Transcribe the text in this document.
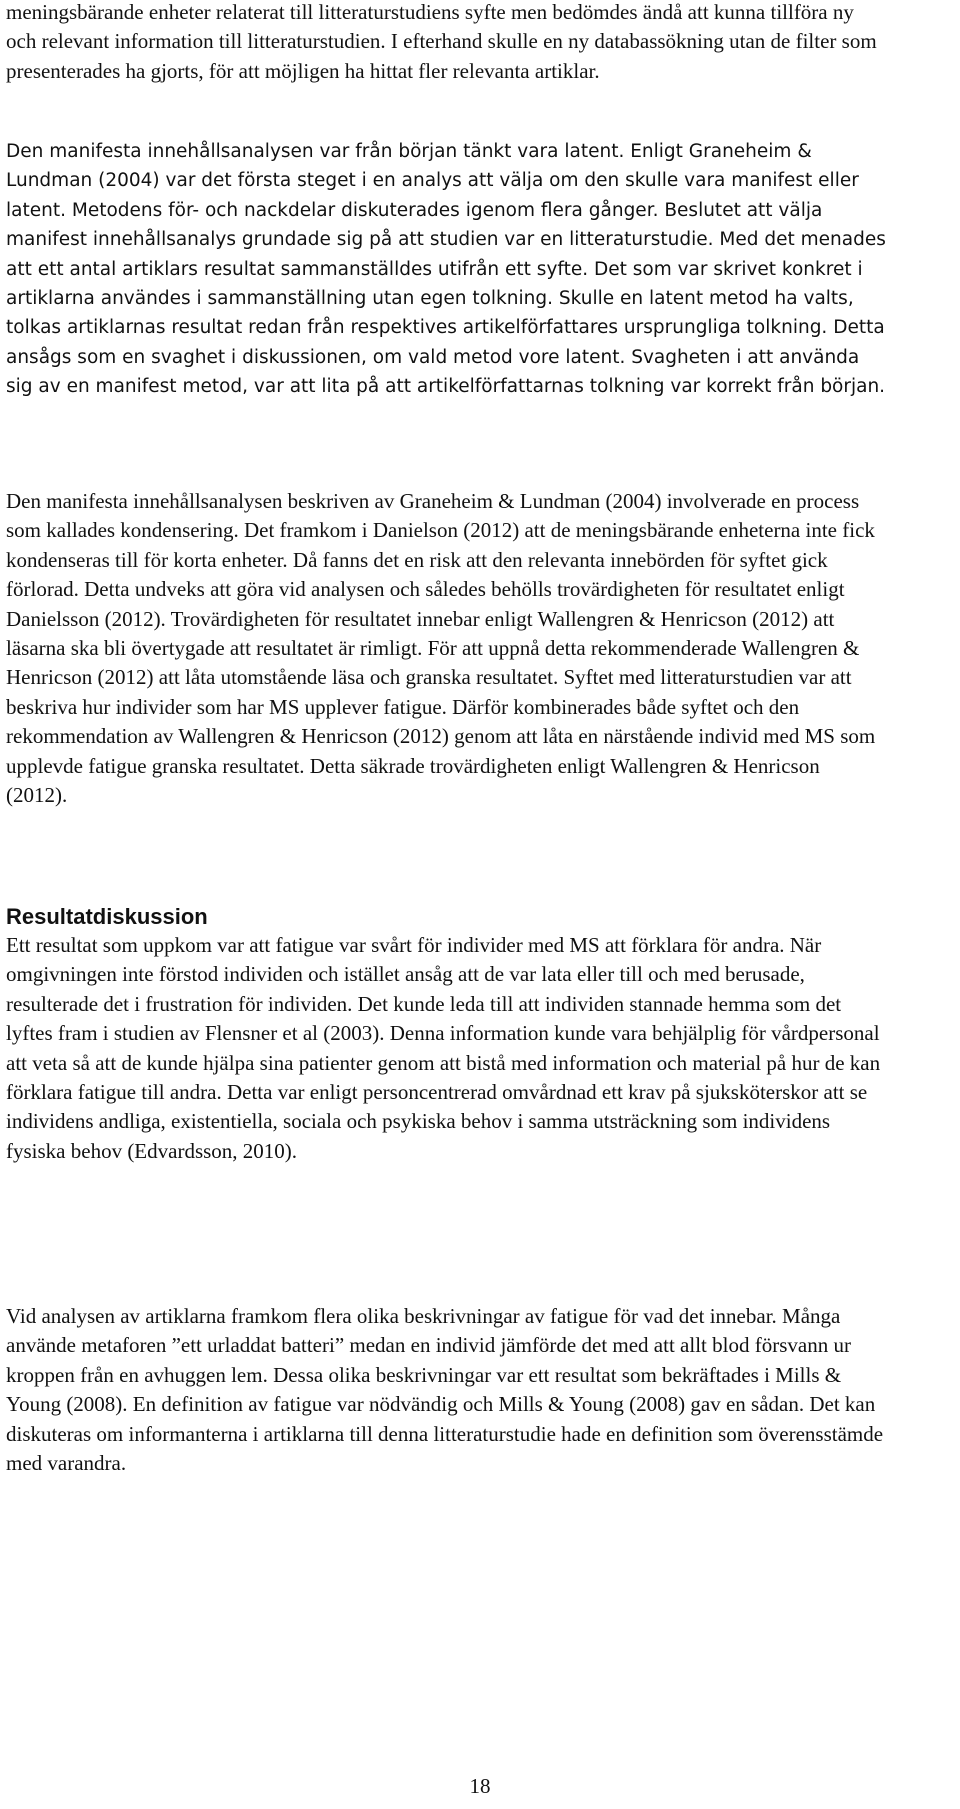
meningsbärande enheter relaterat till litteraturstudiens syfte men bedömdes ändå att kunna tillföra ny och relevant information till litteraturstudien. I efterhand skulle en ny databassökning utan de filter som presenterades ha gjorts, för att möjligen ha hittat fler relevanta artiklar.

Den manifesta innehållsanalysen var från början tänkt vara latent. Enligt Graneheim & Lundman (2004) var det första steget i en analys att välja om den skulle vara manifest eller latent. Metodens för- och nackdelar diskuterades igenom flera gånger. Beslutet att välja manifest innehållsanalys grundade sig på att studien var en litteraturstudie. Med det menades att ett antal artiklars resultat sammanställdes utifrån ett syfte. Det som var skrivet konkret i artiklarna användes i sammanställning utan egen tolkning. Skulle en latent metod ha valts, tolkas artiklarnas resultat redan från respektives artikelförfattares ursprungliga tolkning. Detta ansågs som en svaghet i diskussionen, om vald metod vore latent. Svagheten i att använda sig av en manifest metod, var att lita på att artikelförfattarnas tolkning var korrekt från början.

Den manifesta innehållsanalysen beskriven av Graneheim & Lundman (2004) involverade en process som kallades kondensering. Det framkom i Danielson (2012) att de meningsbärande enheterna inte fick kondenseras till för korta enheter. Då fanns det en risk att den relevanta innebörden för syftet gick förlorad. Detta undveks att göra vid analysen och således behölls trovärdigheten för resultatet enligt Danielsson (2012). Trovärdigheten för resultatet innebar enligt Wallengren & Henricson (2012) att läsarna ska bli övertygade att resultatet är rimligt. För att uppnå detta rekommenderade Wallengren & Henricson (2012) att låta utomstående läsa och granska resultatet. Syftet med litteraturstudien var att beskriva hur individer som har MS upplever fatigue. Därför kombinerades både syftet och den rekommendation av Wallengren & Henricson (2012) genom att låta en närstående individ med MS som upplevde fatigue granska resultatet. Detta säkrade trovärdigheten enligt Wallengren & Henricson (2012).

Resultatdiskussion

Ett resultat som uppkom var att fatigue var svårt för individer med MS att förklara för andra. När omgivningen inte förstod individen och istället ansåg att de var lata eller till och med berusade, resulterade det i frustration för individen. Det kunde leda till att individen stannade hemma som det lyftes fram i studien av Flensner et al (2003). Denna information kunde vara behjälplig för vårdpersonal att veta så att de kunde hjälpa sina patienter genom att bistå med information och material på hur de kan förklara fatigue till andra. Detta var enligt personcentrerad omvårdnad ett krav på sjuksköterskor att se individens andliga, existentiella, sociala och psykiska behov i samma utsträckning som individens fysiska behov (Edvardsson, 2010).

Vid analysen av artiklarna framkom flera olika beskrivningar av fatigue för vad det innebar. Många använde metaforen ”ett urladdat batteri” medan en individ jämförde det med att allt blod försvann ur kroppen från en avhuggen lem. Dessa olika beskrivningar var ett resultat som bekräftades i Mills & Young (2008). En definition av fatigue var nödvändig och Mills & Young (2008) gav en sådan. Det kan diskuteras om informanterna i artiklarna till denna litteraturstudie hade en definition som överensstämde med varandra.

18
